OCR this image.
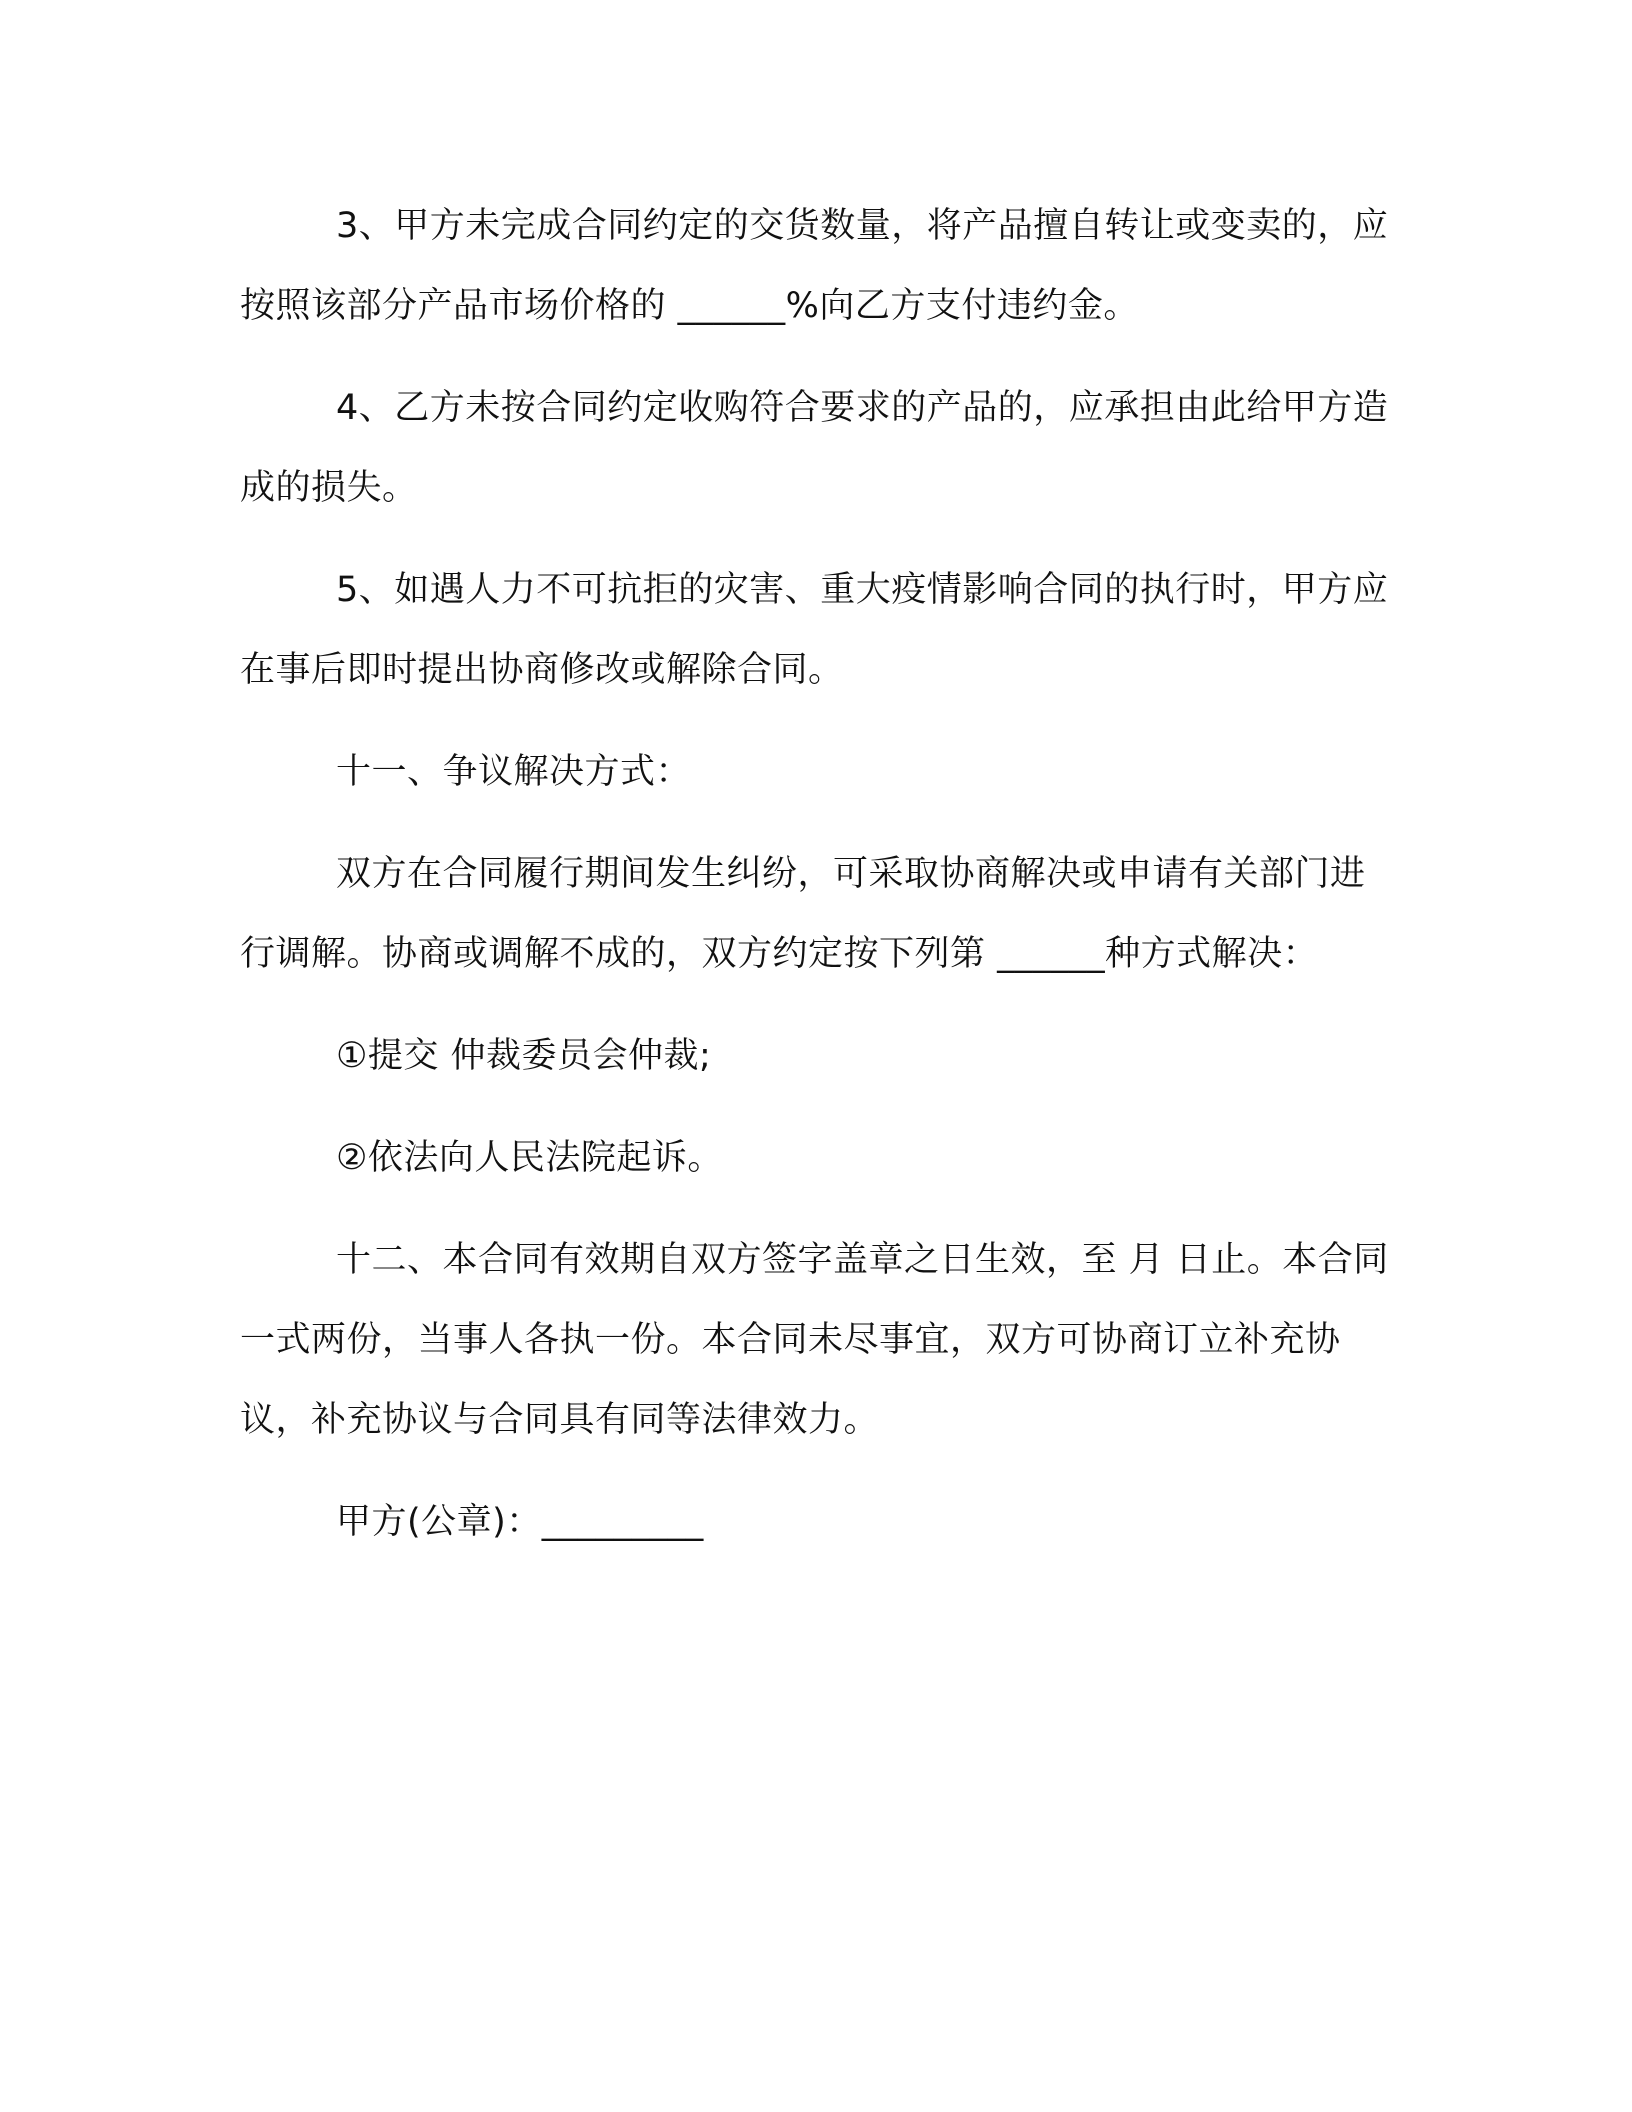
3、甲方未完成合同约定的交货数量，将产品擅自转让或变卖的，应按照该部分产品市场价格的 ______%向乙方支付违约金。

4、乙方未按合同约定收购符合要求的产品的，应承担由此给甲方造成的损失。

5、如遇人力不可抗拒的灾害、重大疫情影响合同的执行时，甲方应在事后即时提出协商修改或解除合同。

十一、争议解决方式：

双方在合同履行期间发生纠纷，可采取协商解决或申请有关部门进行调解。协商或调解不成的，双方约定按下列第 ______种方式解决：

①提交 仲裁委员会仲裁;

②依法向人民法院起诉。

十二、本合同有效期自双方签字盖章之日生效，至 月 日止。本合同一式两份，当事人各执一份。本合同未尽事宜，双方可协商订立补充协议，补充协议与合同具有同等法律效力。

甲方(公章)：_________
